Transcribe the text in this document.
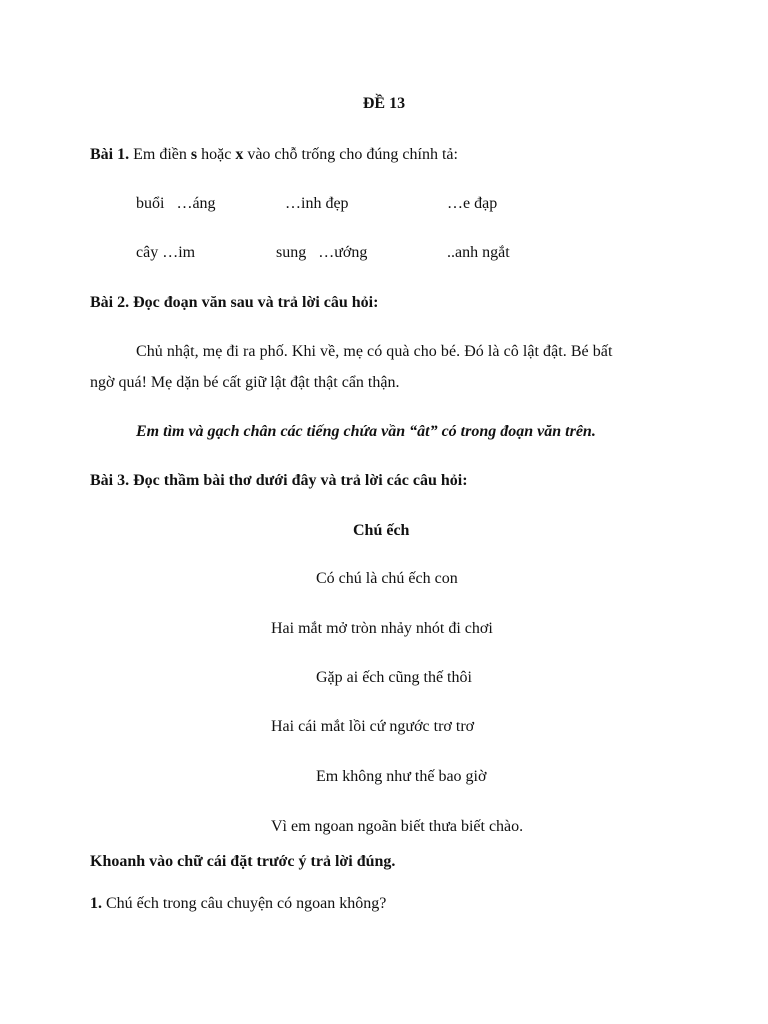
ĐỀ 13
Bài 1. Em điền s hoặc x vào chỗ trống cho đúng chính tả:
buổi   …áng	…inh đẹp	…e đạp
cây …im	sung   …ướng	..anh ngắt
Bài 2. Đọc đoạn văn sau và trả lời câu hỏi:
Chủ nhật, mẹ đi ra phố. Khi về, mẹ có quà cho bé. Đó là cô lật đật. Bé bất
ngờ quá! Mẹ dặn bé cất giữ lật đật thật cẩn thận.
Em tìm và gạch chân các tiếng chứa vần “ât” có trong đoạn văn trên.
Bài 3. Đọc thầm bài thơ dưới đây và trả lời các câu hỏi:
Chú ếch
Có chú là chú ếch con
Hai mắt mở tròn nhảy nhót đi chơi
Gặp ai ếch cũng thế thôi
Hai cái mắt lồi cứ ngước trơ trơ
Em không như thế bao giờ
Vì em ngoan ngoãn biết thưa biết chào.
Khoanh vào chữ cái đặt trước ý trả lời đúng.
1. Chú ếch trong câu chuyện có ngoan không?
